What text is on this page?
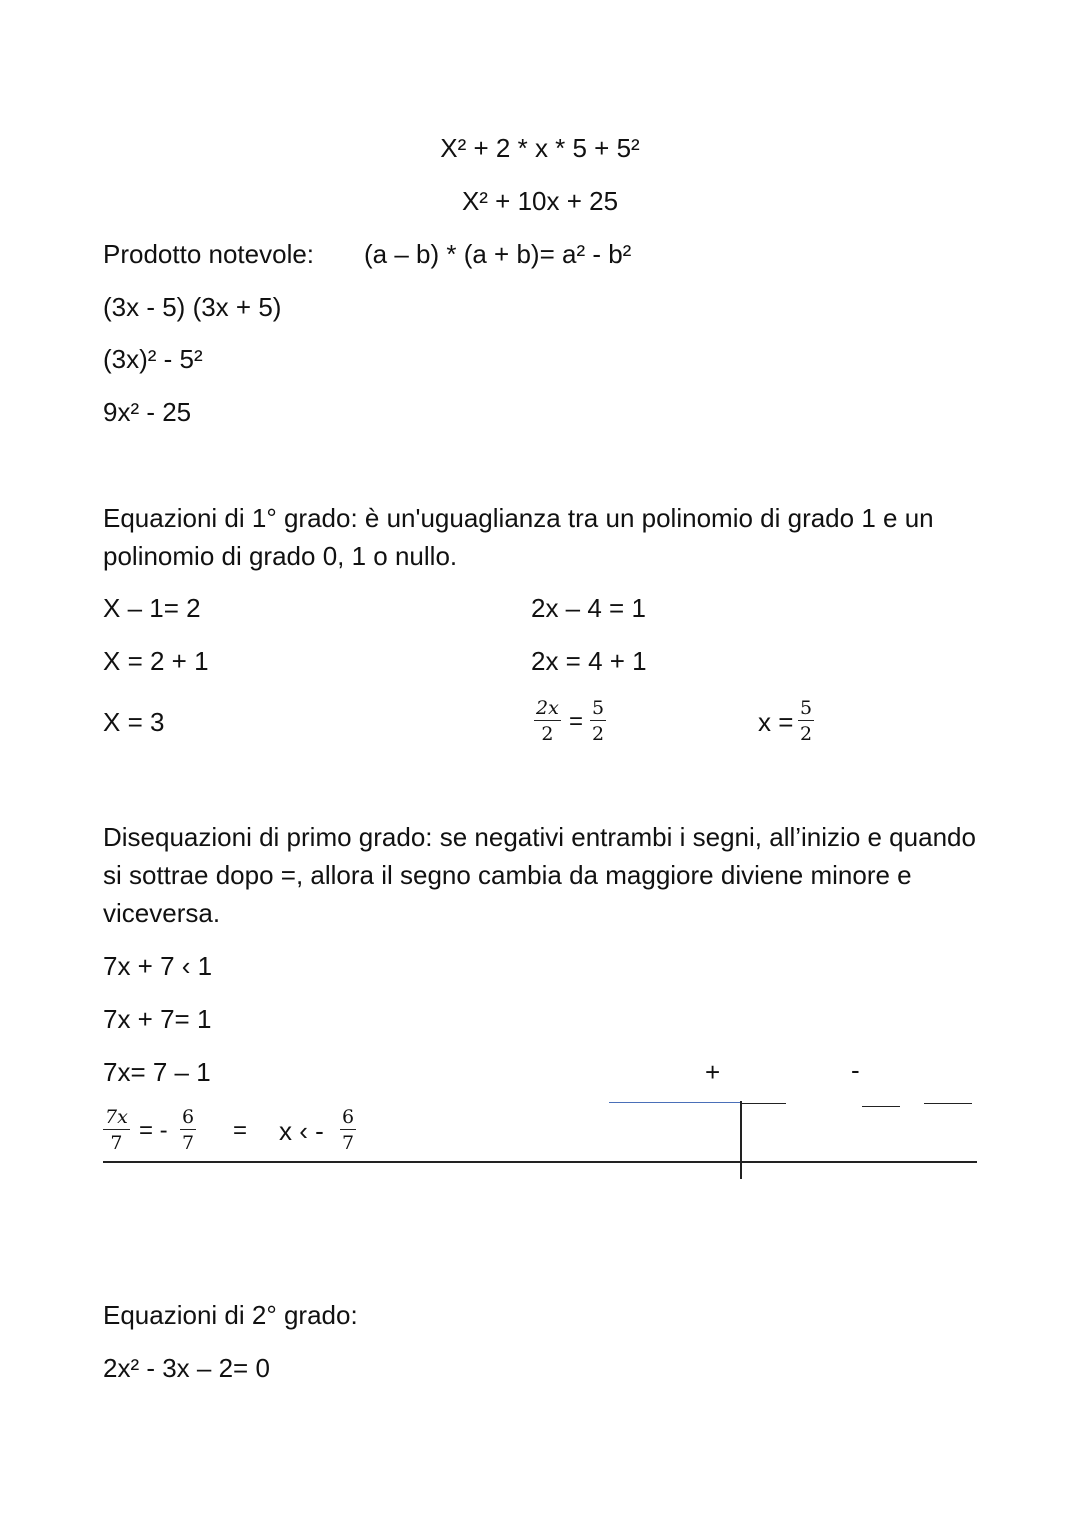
X² + 2 * x * 5 + 5²
X² + 10x + 25
Prodotto notevole: (a – b) * (a + b)= a² - b²
(3x - 5) (3x + 5)
(3x)² - 5²
9x² - 25
Equazioni di 1° grado: è un'uguaglianza tra un polinomio di grado 1 e un polinomio di grado 0, 1 o nullo.
X – 1= 2
X = 2 + 1
X = 3
2x – 4 = 1
2x = 4 + 1
$\frac{2x}{2} = \frac{5}{2}$	$x = \frac{5}{2}$
Disequazioni di primo grado: se negativi entrambi i segni, all’inizio e quando si sottrae dopo =, allora il segno cambia da maggiore diviene minore e viceversa.
7x + 7 ‹ 1
7x + 7= 1
7x= 7 – 1
$\frac{7x}{7}$ = - $\frac{6}{7} = x$ ‹ - $\frac{6}{7}$
+	-
Equazioni di 2° grado:
2x² - 3x – 2= 0
